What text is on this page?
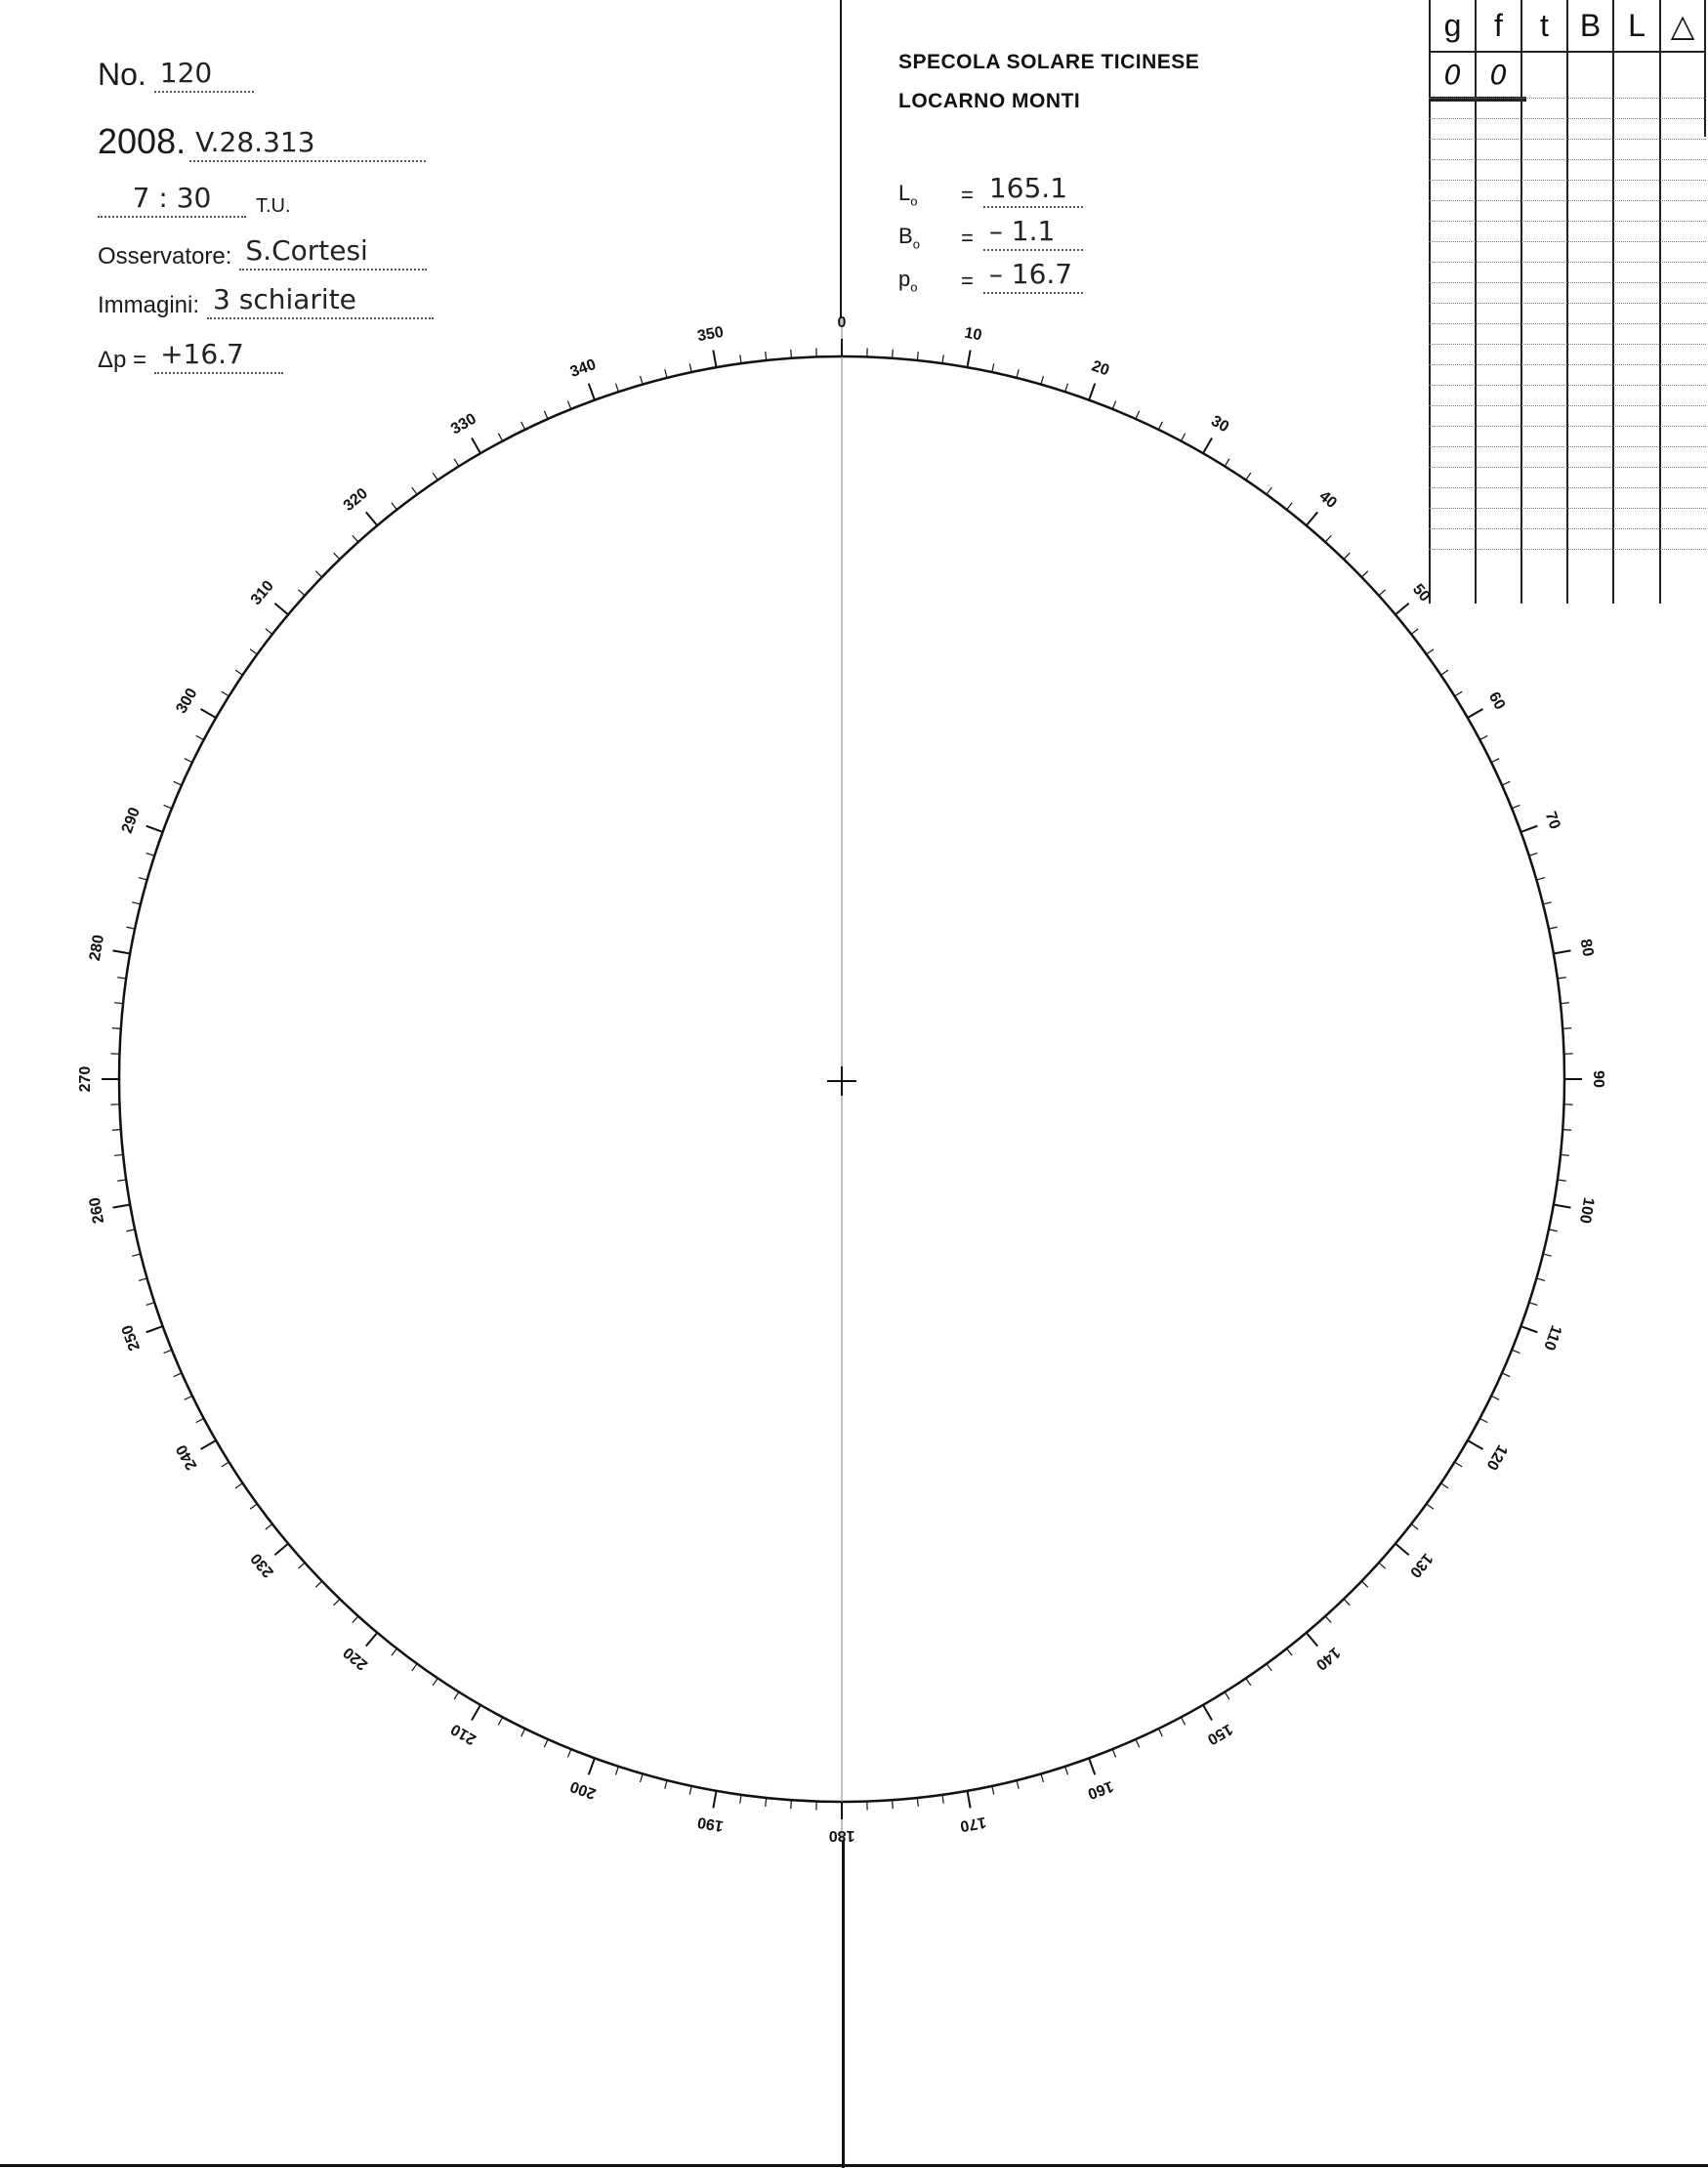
No. 120
2008. V.28.313
7 : 30	T.U.
Osservatore: S.Cortesi
Immagini: 3 schiarite
Δp = +16.7
SPECOLA SOLARE TICINESE
LOCARNO MONTI
$L_o$	= 165.1
$B_o$	= – 1.1
$p_o$	= – 16.7
g	f	t B L △
0	0
0
10
20
30
40
50
60
70
80
90
100
110
120
130
140
150
160
170
180
190
200
210
220
230
240
250
260
270
280
290
300
310
320
330
340
350
